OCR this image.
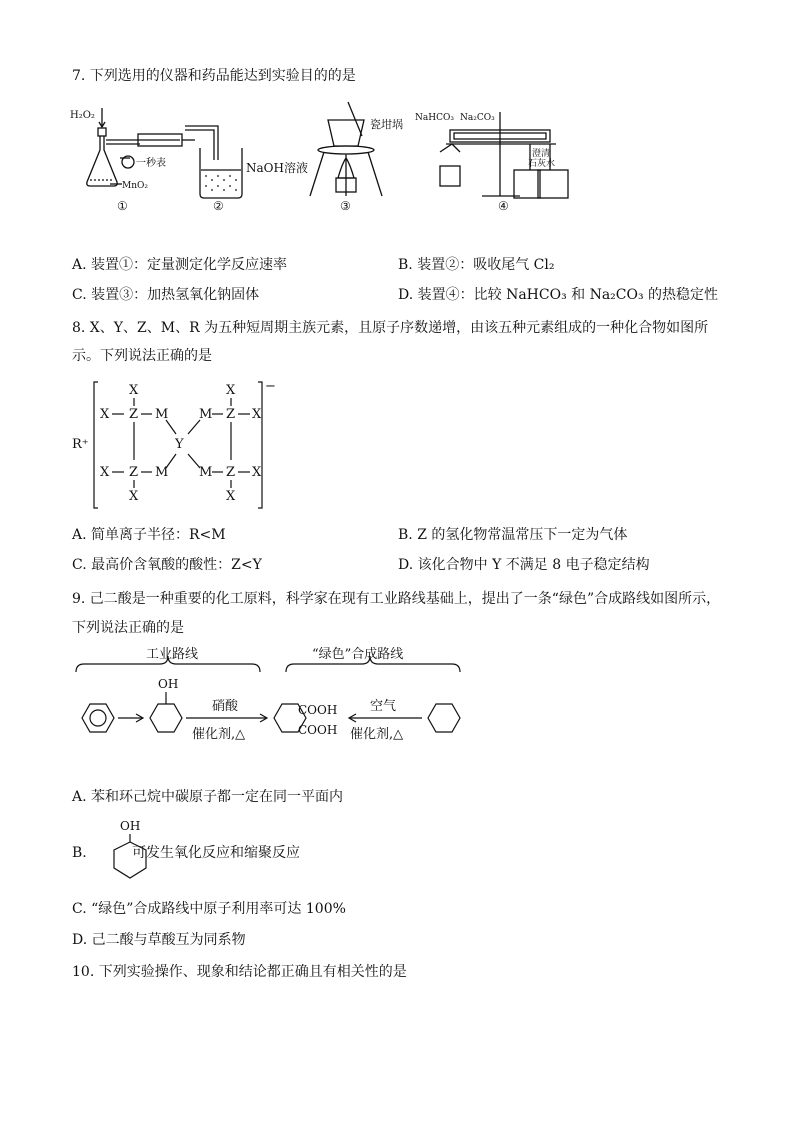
7. 下列选用的仪器和药品能达到实验目的的是
H₂O₂
一秒表
MnO₂
①
NaOH溶液
②
瓷坩埚
③
NaHCO₃ Na₂CO₃
澄清
石灰水
④
A. 装置①：定量测定化学反应速率	B. 装置②：吸收尾气 Cl₂
C. 装置③：加热氢氧化钠固体	D. 装置④：比较 NaHCO₃ 和 Na₂CO₃ 的热稳定性
8. X、Y、Z、M、R 为五种短周期主族元素，且原子序数递增，由该五种元素组成的一种化合物如图所
示。下列说法正确的是
R⁺
−
X
X Z M
X Z M
X
Y
X
M Z X
M Z X
X
A. 简单离子半径：R<M	B. Z 的氢化物常温常压下一定为气体
C. 最高价含氧酸的酸性：Z<Y	D. 该化合物中 Y 不满足 8 电子稳定结构
9. 己二酸是一种重要的化工原料，科学家在现有工业路线基础上，提出了一条“绿色”合成路线如图所示，
下列说法正确的是
工业路线	“绿色”合成路线
OH
硝酸
催化剂,△
COOH
COOH
空气
催化剂,△
A. 苯和环己烷中碳原子都一定在同一平面内
B.
OH
可发生氧化反应和缩聚反应
C. “绿色”合成路线中原子利用率可达 100%
D. 己二酸与草酸互为同系物
10. 下列实验操作、现象和结论都正确且有相关性的是
